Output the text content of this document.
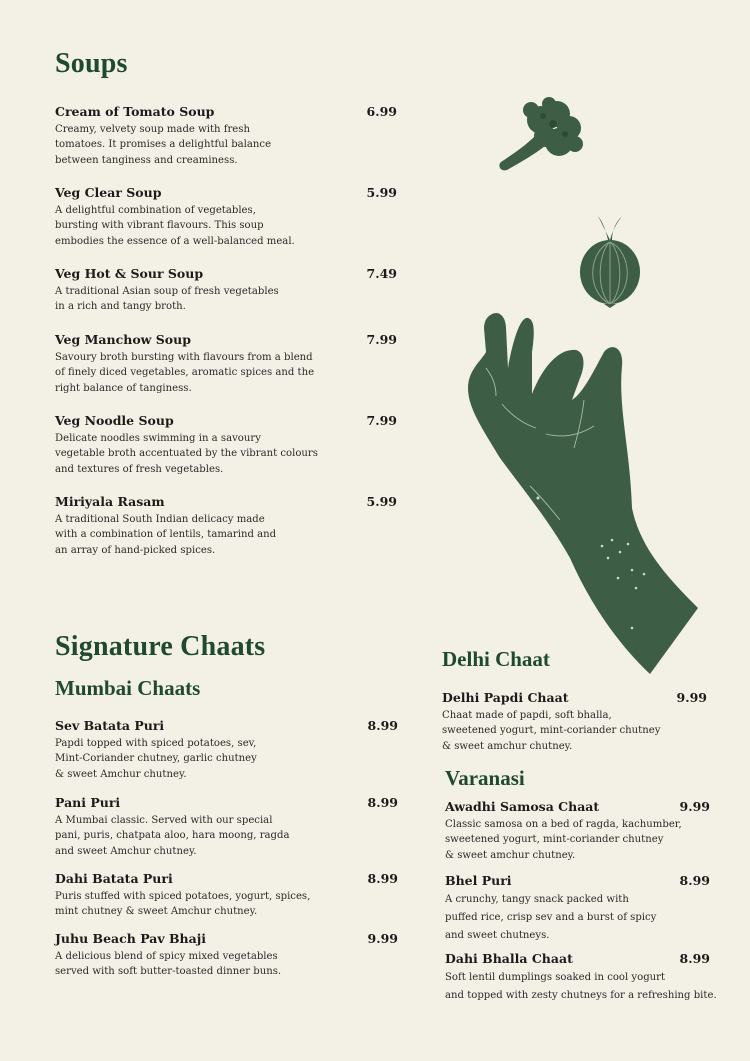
Soups
Cream of Tomato Soup	6.99
Creamy, velvety soup made with fresh
tomatoes. It promises a delightful balance
between tanginess and creaminess.
Veg Clear Soup	5.99
A delightful combination of vegetables,
bursting with vibrant flavours. This soup
embodies the essence of a well-balanced meal.
Veg Hot & Sour Soup	7.49
A traditional Asian soup of fresh vegetables
in a rich and tangy broth.
Veg Manchow Soup	7.99
Savoury broth bursting with flavours from a blend
of finely diced vegetables, aromatic spices and the
right balance of tanginess.
Veg Noodle Soup	7.99
Delicate noodles swimming in a savoury
vegetable broth accentuated by the vibrant colours
and textures of fresh vegetables.
Miriyala Rasam	5.99
A traditional South Indian delicacy made
with a combination of lentils, tamarind and
an array of hand-picked spices.
Signature Chaats
Mumbai Chaats
Sev Batata Puri	8.99
Papdi topped with spiced potatoes, sev,
Mint-Coriander chutney, garlic chutney
& sweet Amchur chutney.
Pani Puri	8.99
A Mumbai classic. Served with our special
pani, puris, chatpata aloo, hara moong, ragda
and sweet Amchur chutney.
Dahi Batata Puri	8.99
Puris stuffed with spiced potatoes, yogurt, spices,
mint chutney & sweet Amchur chutney.
Juhu Beach Pav Bhaji	9.99
A delicious blend of spicy mixed vegetables
served with soft butter-toasted dinner buns.
Delhi Chaat
Delhi Papdi Chaat	9.99
Chaat made of papdi, soft bhalla,
sweetened yogurt, mint-coriander chutney
& sweet amchur chutney.
Varanasi
Awadhi Samosa Chaat	9.99
Classic samosa on a bed of ragda, kachumber,
sweetened yogurt, mint-coriander chutney
& sweet amchur chutney.
Bhel Puri	8.99
A crunchy, tangy snack packed with
puffed rice, crisp sev and a burst of spicy
and sweet chutneys.
Dahi Bhalla Chaat	8.99
Soft lentil dumplings soaked in cool yogurt
and topped with zesty chutneys for a refreshing bite.
